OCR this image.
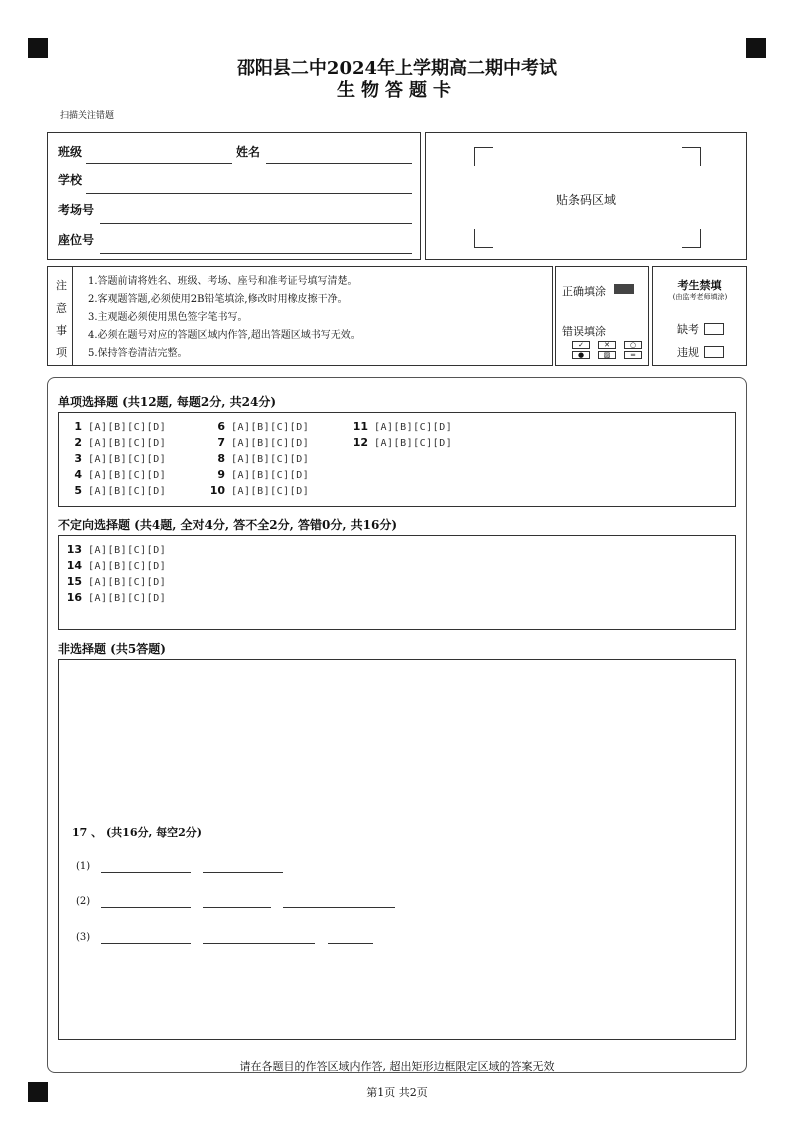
邵阳县二中2024年上学期高二期中考试
生物答题卡
扫描关注错题
班级	姓名
学校
考场号
座位号
贴条码区域
注
意
事
项
1.答题前请将姓名、班级、考场、座号和准考证号填写清楚。
2.客观题答题,必须使用2B铅笔填涂,修改时用橡皮擦干净。
3.主观题必须使用黑色签字笔书写。
4.必须在题号对应的答题区域内作答,超出答题区域书写无效。
5.保持答卷清洁完整。
正确填涂
错误填涂
✓	✕	○
●	▨	═
考生禁填
(由监考老师填涂)
缺考
违规
单项选择题 (共12题, 每题2分, 共24分)
1 [A][B][C][D]
2 [A][B][C][D]
3 [A][B][C][D]
4 [A][B][C][D]
5 [A][B][C][D]
6 [A][B][C][D]
7 [A][B][C][D]
8 [A][B][C][D]
9 [A][B][C][D]
10 [A][B][C][D]
11 [A][B][C][D]
12 [A][B][C][D]
不定向选择题 (共4题, 全对4分, 答不全2分, 答错0分, 共16分)
13 [A][B][C][D]
14 [A][B][C][D]
15 [A][B][C][D]
16 [A][B][C][D]
非选择题 (共5答题)
17 、 (共16分, 每空2分)
(1)
(2)
(3)
请在各题目的作答区域内作答, 超出矩形边框限定区域的答案无效
第1页 共2页
